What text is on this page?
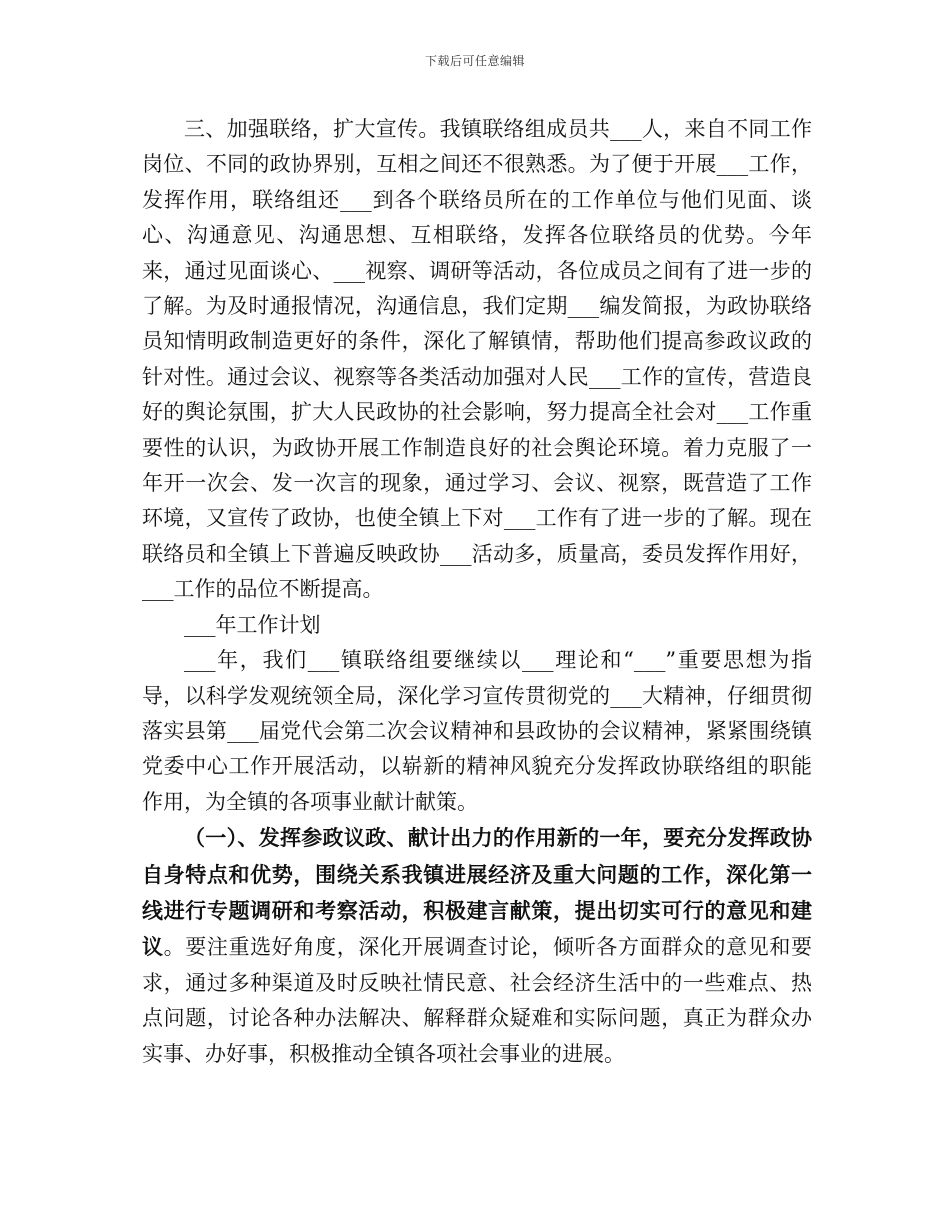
下载后可任意编辑

三、加强联络，扩大宣传。我镇联络组成员共___人，来自不同工作岗位、不同的政协界别，互相之间还不很熟悉。为了便于开展___工作，发挥作用，联络组还___到各个联络员所在的工作单位与他们见面、谈心、沟通意见、沟通思想、互相联络，发挥各位联络员的优势。今年来，通过见面谈心、___视察、调研等活动，各位成员之间有了进一步的了解。为及时通报情况，沟通信息，我们定期___编发简报，为政协联络员知情明政制造更好的条件，深化了解镇情，帮助他们提高参政议政的针对性。通过会议、视察等各类活动加强对人民___工作的宣传，营造良好的舆论氛围，扩大人民政协的社会影响，努力提高全社会对___工作重要性的认识，为政协开展工作制造良好的社会舆论环境。着力克服了一年开一次会、发一次言的现象，通过学习、会议、视察，既营造了工作环境，又宣传了政协，也使全镇上下对___工作有了进一步的了解。现在联络员和全镇上下普遍反映政协___活动多，质量高，委员发挥作用好，___工作的品位不断提高。

___年工作计划

___年，我们___镇联络组要继续以___理论和“___”重要思想为指导，以科学发观统领全局，深化学习宣传贯彻党的___大精神，仔细贯彻落实县第___届党代会第二次会议精神和县政协的会议精神，紧紧围绕镇党委中心工作开展活动，以崭新的精神风貌充分发挥政协联络组的职能作用，为全镇的各项事业献计献策。

（一）、发挥参政议政、献计出力的作用新的一年，要充分发挥政协自身特点和优势，围绕关系我镇进展经济及重大问题的工作，深化第一线进行专题调研和考察活动，积极建言献策，提出切实可行的意见和建议。要注重选好角度，深化开展调查讨论，倾听各方面群众的意见和要求，通过多种渠道及时反映社情民意、社会经济生活中的一些难点、热点问题，讨论各种办法解决、解释群众疑难和实际问题，真正为群众办实事、办好事，积极推动全镇各项社会事业的进展。
